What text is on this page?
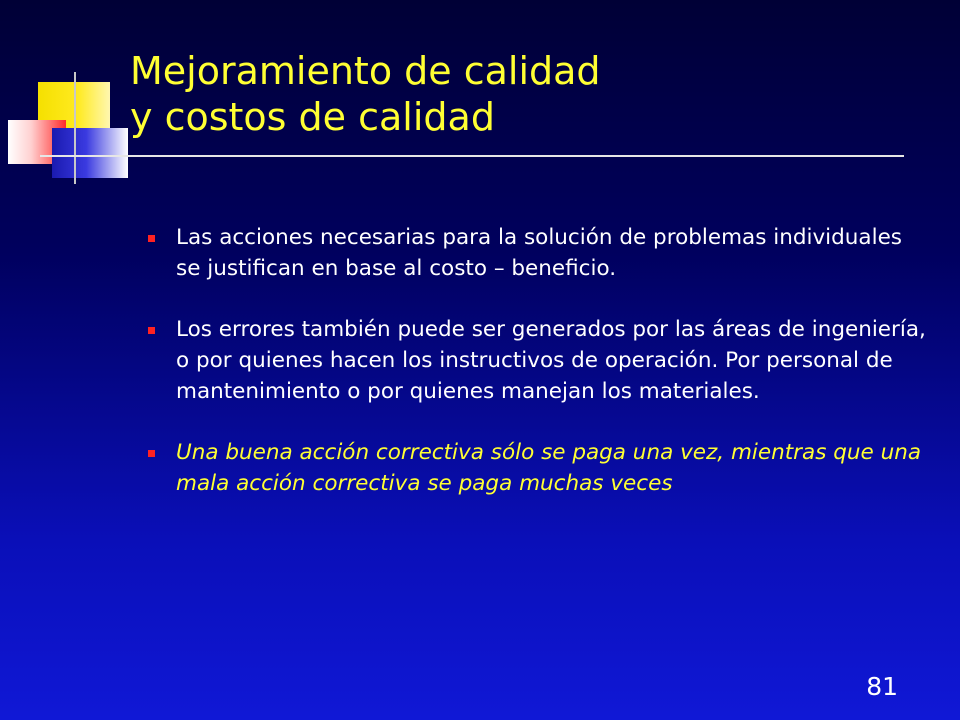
Mejoramiento de calidad
y costos de calidad
Las acciones necesarias para la solución de problemas individuales se justifican en base al costo – beneficio.
Los errores también puede ser generados por las áreas de ingeniería, o por quienes hacen los instructivos de operación. Por personal de mantenimiento o por quienes manejan los materiales.
Una buena acción correctiva sólo se paga una vez, mientras que una mala acción correctiva se paga muchas veces
81
